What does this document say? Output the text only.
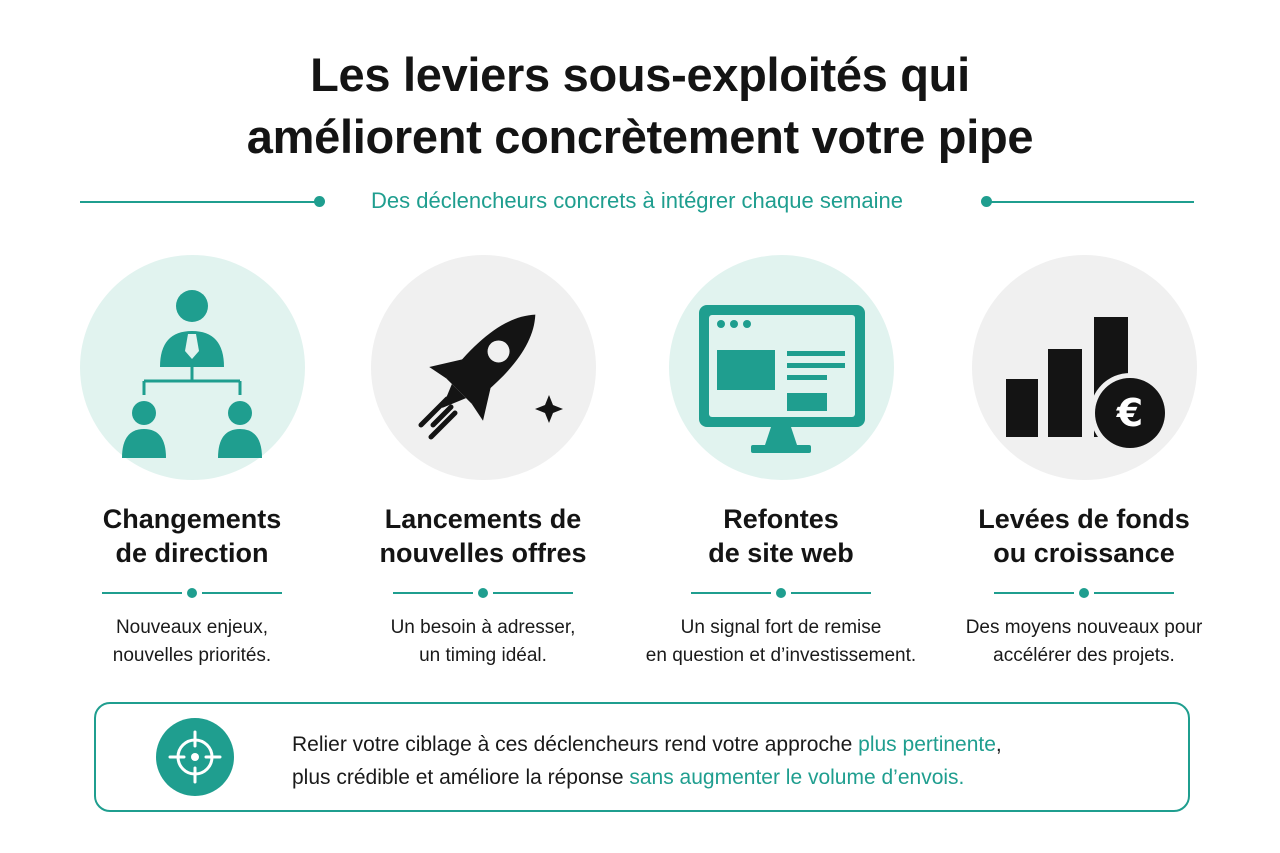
Les leviers sous-exploités qui
améliorent concrètement votre pipe
Des déclencheurs concrets à intégrer chaque semaine
Changements
de direction
Nouveaux enjeux,
nouvelles priorités.
Lancements de
nouvelles offres
Un besoin à adresser,
un timing idéal.
Refontes
de site web
Un signal fort de remise
en question et d’investissement.
€
Levées de fonds
ou croissance
Des moyens nouveaux pour
accélérer des projets.
Relier votre ciblage à ces déclencheurs rend votre approche plus pertinente,
plus crédible et améliore la réponse sans augmenter le volume d’envois.
